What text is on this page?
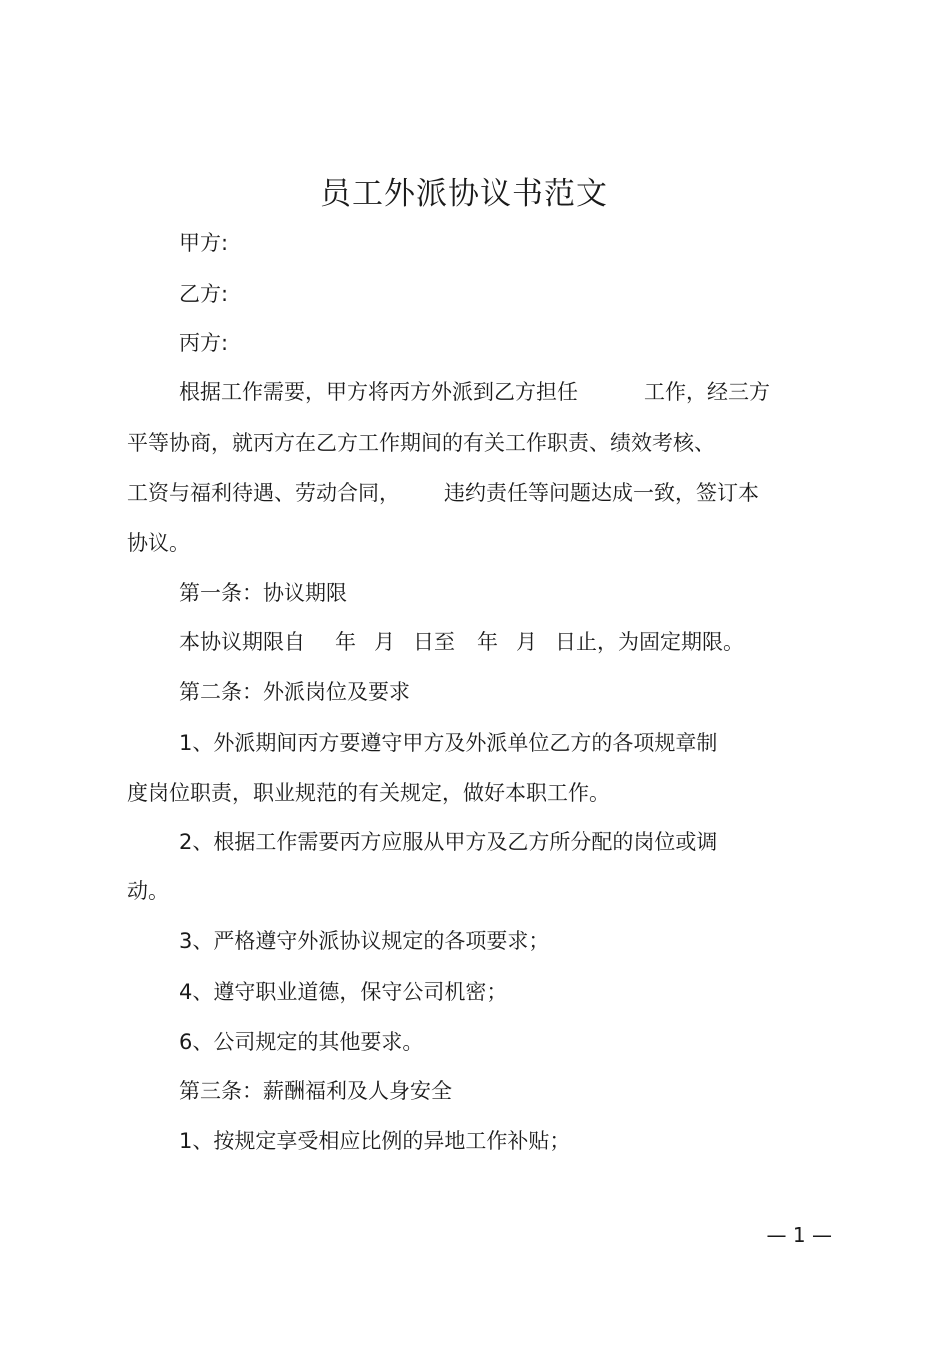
员工外派协议书范文
甲方:
乙方:
丙方:
根据工作需要，甲方将丙方外派到乙方担任	工作，经三方
平等协商，就丙方在乙方工作期间的有关工作职责、绩效考核、
工资与福利待遇、劳动合同， 违约责任等问题达成一致，签订本
协议。
第一条：协议期限
本协议期限自 年 月 日至 年 月 日止，为固定期限。
第二条：外派岗位及要求
1、外派期间丙方要遵守甲方及外派单位乙方的各项规章制
度岗位职责，职业规范的有关规定，做好本职工作。
2、根据工作需要丙方应服从甲方及乙方所分配的岗位或调
动。
3、严格遵守外派协议规定的各项要求；
4、遵守职业道德，保守公司机密；
6、公司规定的其他要求。
第三条：薪酬福利及人身安全
1、按规定享受相应比例的异地工作补贴；
— 1 —
